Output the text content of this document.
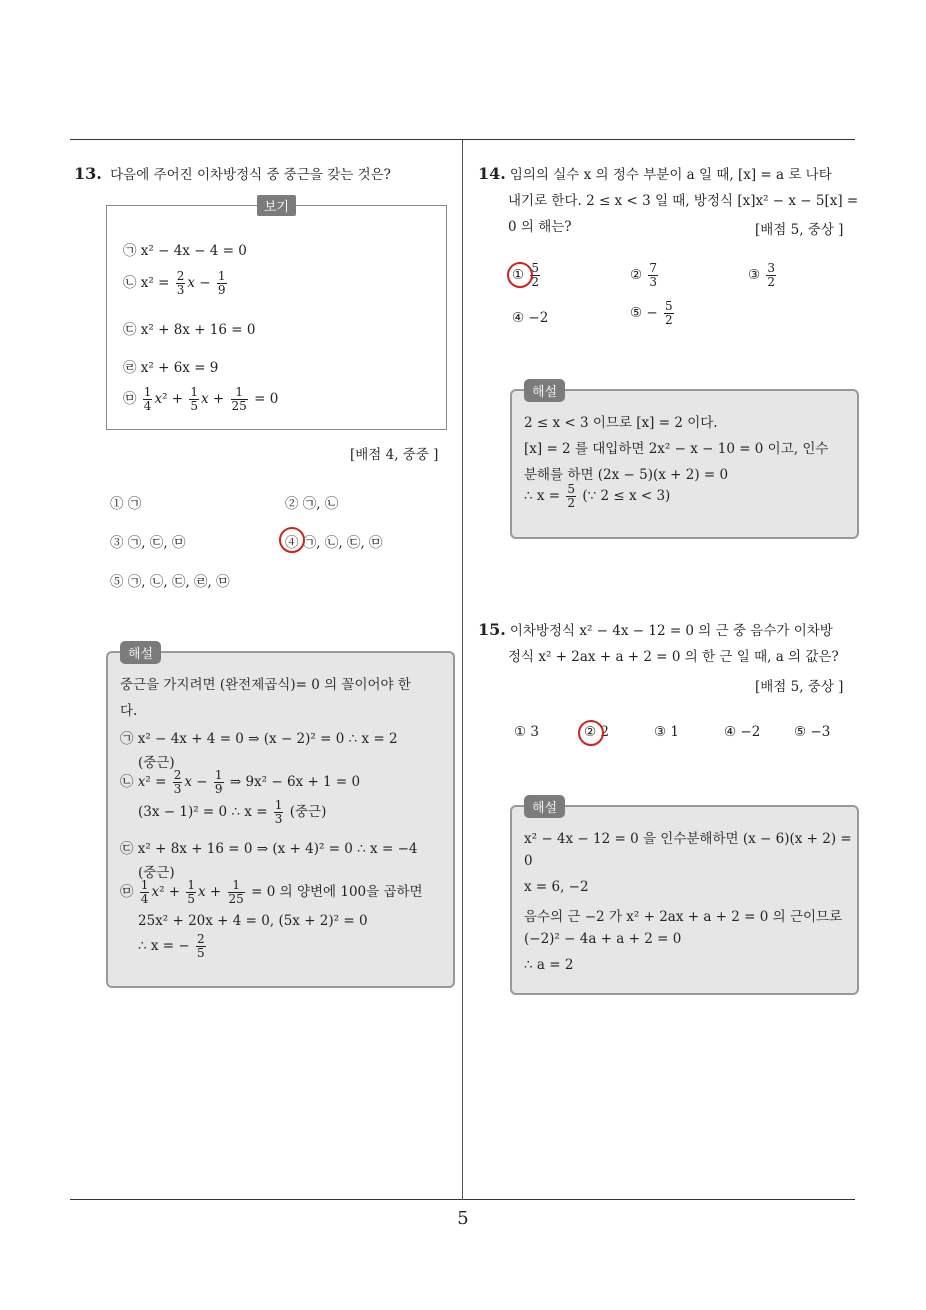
5
13. 다음에 주어진 이차방정식 중 중근을 갖는 것은?
보기
㉠ x² − 4x − 4 = 0
㉡ $x^2 = \frac{2}{3}$ $x - \frac{1}{9}$
㉢ x² + 8x + 16 = 0
㉣ x² + 6x = 9
㉤ $\frac{1}{4} x^2 + \frac{1}{5}$ $x + \frac{1}{25} = 0$
[배점 4, 중중 ]
① ㉠	② ㉠, ㉡
③ ㉠, ㉢, ㉤	④ ㉠, ㉡, ㉢, ㉤
⑤ ㉠, ㉡, ㉢, ㉣, ㉤
해설
중근을 가지려면 (완전제곱식)= 0 의 꼴이어야 한
다.
㉠ x² − 4x + 4 = 0 ⇒ (x − 2)² = 0 ∴ x = 2
(중근)
㉡ $x^2 = \frac{2}{3}$ $x - \frac{1}{9}$ ⇒ 9x² − 6x + 1 = 0
(3x − 1)² = 0 ∴ $x = \frac{1}{3}$ (중근)
㉢ x² + 8x + 16 = 0 ⇒ (x + 4)² = 0 ∴ x = −4
(중근)
㉤ $\frac{1}{4} x^2 + \frac{1}{5}$ $x + \frac{1}{25} = 0$ 의 양변에 100을 곱하면
25x² + 20x + 4 = 0, (5x + 2)² = 0
∴ x = − $\frac{2}{5}$
14. 임의의 실수 x 의 정수 부분이 a 일 때, [x] = a 로 나타
내기로 한다. 2 ≤ x < 3 일 때, 방정식 [x]x² − x − 5[x] =
0 의 해는?	[배점 5, 중상 ]
① $\frac{5}{2}$	② $\frac{7}{3}$	③ $\frac{3}{2}$
④ −2	⑤ − $\frac{5}{2}$
해설
2 ≤ x < 3 이므로 [x] = 2 이다.
[x] = 2 를 대입하면 2x² − x − 10 = 0 이고, 인수
분해를 하면 (2x − 5)(x + 2) = 0
∴ $x = \frac{5}{2}$ (∵ 2 ≤ x < 3)
15. 이차방정식 x² − 4x − 12 = 0 의 근 중 음수가 이차방
정식 x² + 2ax + a + 2 = 0 의 한 근 일 때, a 의 값은?
[배점 5, 중상 ]
① 3	② 2	③ 1	④ −2 ⑤ −3
해설
x² − 4x − 12 = 0 을 인수분해하면 (x − 6)(x + 2) =
0
x = 6, −2
음수의 근 −2 가 x² + 2ax + a + 2 = 0 의 근이므로
(−2)² − 4a + a + 2 = 0
∴ a = 2
